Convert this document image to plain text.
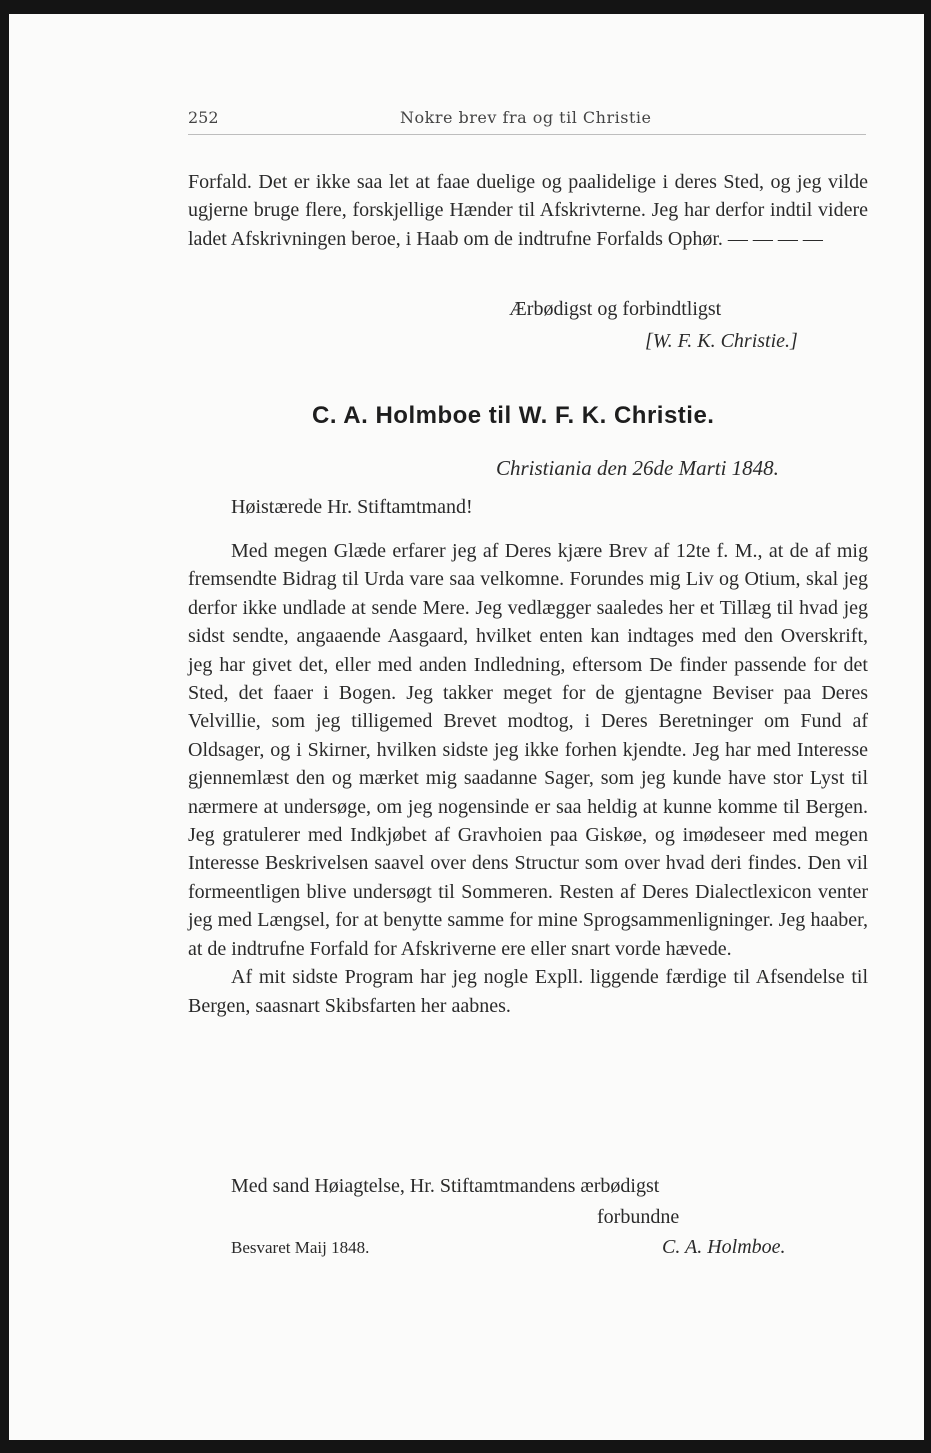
252	Nokre brev fra og til Christie

Forfald. Det er ikke saa let at faae duelige og paalidelige i deres Sted, og jeg vilde ugjerne bruge flere, forskjellige Hænder til Afskrivterne. Jeg har derfor indtil videre ladet Afskrivningen beroe, i Haab om de indtrufne Forfalds Ophør. — — — —

Ærbødigst og forbindtligst
[W. F. K. Christie.]
C. A. Holmboe til W. F. K. Christie.
Christiania den 26de Marti 1848.
Høistærede Hr. Stiftamtmand!

Med megen Glæde erfarer jeg af Deres kjære Brev af 12te f. M., at de af mig fremsendte Bidrag til Urda vare saa velkomne. Forundes mig Liv og Otium, skal jeg derfor ikke undlade at sende Mere. Jeg vedlægger saaledes her et Tillæg til hvad jeg sidst sendte, angaaende Aasgaard, hvilket enten kan indtages med den Overskrift, jeg har givet det, eller med anden Indledning, eftersom De finder passende for det Sted, det faaer i Bogen. Jeg takker meget for de gjentagne Beviser paa Deres Velvillie, som jeg tilligemed Brevet modtog, i Deres Beretninger om Fund af Oldsager, og i Skirner, hvilken sidste jeg ikke forhen kjendte. Jeg har med Interesse gjennemlæst den og mærket mig saadanne Sager, som jeg kunde have stor Lyst til nærmere at undersøge, om jeg nogensinde er saa heldig at kunne komme til Bergen. Jeg gratulerer med Indkjøbet af Gravhoien paa Giskøe, og imødeseer med megen Interesse Beskrivelsen saavel over dens Structur som over hvad deri findes. Den vil formeentligen blive undersøgt til Sommeren. Resten af Deres Dialectlexicon venter jeg med Længsel, for at benytte samme for mine Sprogsammenligninger. Jeg haaber, at de indtrufne Forfald for Afskriverne ere eller snart vorde hævede.

Af mit sidste Program har jeg nogle Expll. liggende færdige til Afsendelse til Bergen, saasnart Skibsfarten her aabnes.

Med sand Høiagtelse, Hr. Stiftamtmandens ærbødigst
forbundne
Besvaret Maij 1848.	C. A. Holmboe.
